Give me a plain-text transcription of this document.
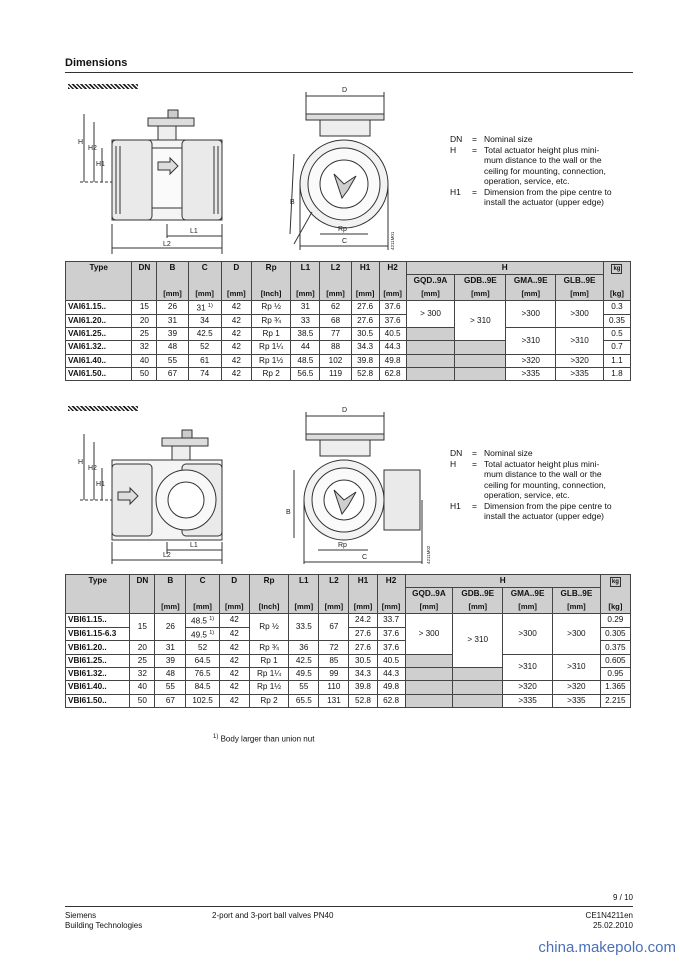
Dimensions
H
H2
H1
L1
L2
D
B
Rp
C	4211M01
DN	= Nominal size
H	= Total actuator height plus mini-
mum distance to the wall or the
ceiling for mounting, connection,
operation, service, etc.
H1	= Dimension from the pipe centre to
install the actuator (upper edge)
Type	DN	B	C	D	Rp	L1	L2	H1	H2	H				kg
										GQD..9A	GDB..9E	GMA..9E	GLB..9E	
		[mm]	[mm]	[mm]	[Inch]	[mm]	[mm]	[mm]	[mm]	[mm]	[mm]	[mm]	[mm]	[kg]
VAI61.15..	15	26	31 $^{1)}$	42	Rp ½	31	62	27.6	37.6	> 300	> 310	>300	>300	0.3
VAI61.20..	20	31	34	42	Rp ¾	33	68	27.6	37.6					0.35
VAI61.25..	25	39	42.5	42	Rp 1	38.5	77	30.5	40.5			>310	>310	0.5
VAI61.32..	32	48	52	42	Rp 1¼	44	88	34.3	44.3					0.7
VAI61.40..	40	55	61	42	Rp 1½	48.5	102	39.8	49.8			>320	>320	1.1
VAI61.50..	50	67	74	42	Rp 2	56.5	119	52.8	62.8			>335	>335	1.8
H
H2
H1
L1
L2
D
B
Rp
C	4211M02
DN	= Nominal size
H	= Total actuator height plus mini-
mum distance to the wall or the
ceiling for mounting, connection,
operation, service, etc.
H1	= Dimension from the pipe centre to
install the actuator (upper edge)
Type	DN	B	C	D	Rp	L1	L2	H1	H2	H				kg
										GQD..9A	GDB..9E	GMA..9E	GLB..9E	
		[mm]	[mm]	[mm]	[Inch]	[mm]	[mm]	[mm]	[mm]	[mm]	[mm]	[mm]	[mm]	[kg]
VBI61.15..	15	26	48.5 $^{1)}$	42	Rp ½	33.5	67	24.2	33.7	> 300	> 310	>300	>300	0.29
VBI61.15-6.3			49.5 $^{1)}$	42				27.6	37.6					0.305
VBI61.20..	20	31	52	42	Rp ¾	36	72	27.6	37.6					0.375
VBI61.25..	25	39	64.5	42	Rp 1	42.5	85	30.5	40.5			>310	>310	0.605
VBI61.32..	32	48	76.5	42	Rp 1¼	49.5	99	34.3	44.3					0.95
VBI61.40..	40	55	84.5	42	Rp 1½	55	110	39.8	49.8			>320	>320	1.365
VBI61.50..	50	67	102.5	42	Rp 2	65.5	131	52.8	62.8			>335	>335	2.215
$^{1)}$ Body larger than union nut
9 / 10
Siemens
Building Technologies
2-port and 3-port ball valves PN40	CE1N4211en
25.02.2010
china.makepolo.com
